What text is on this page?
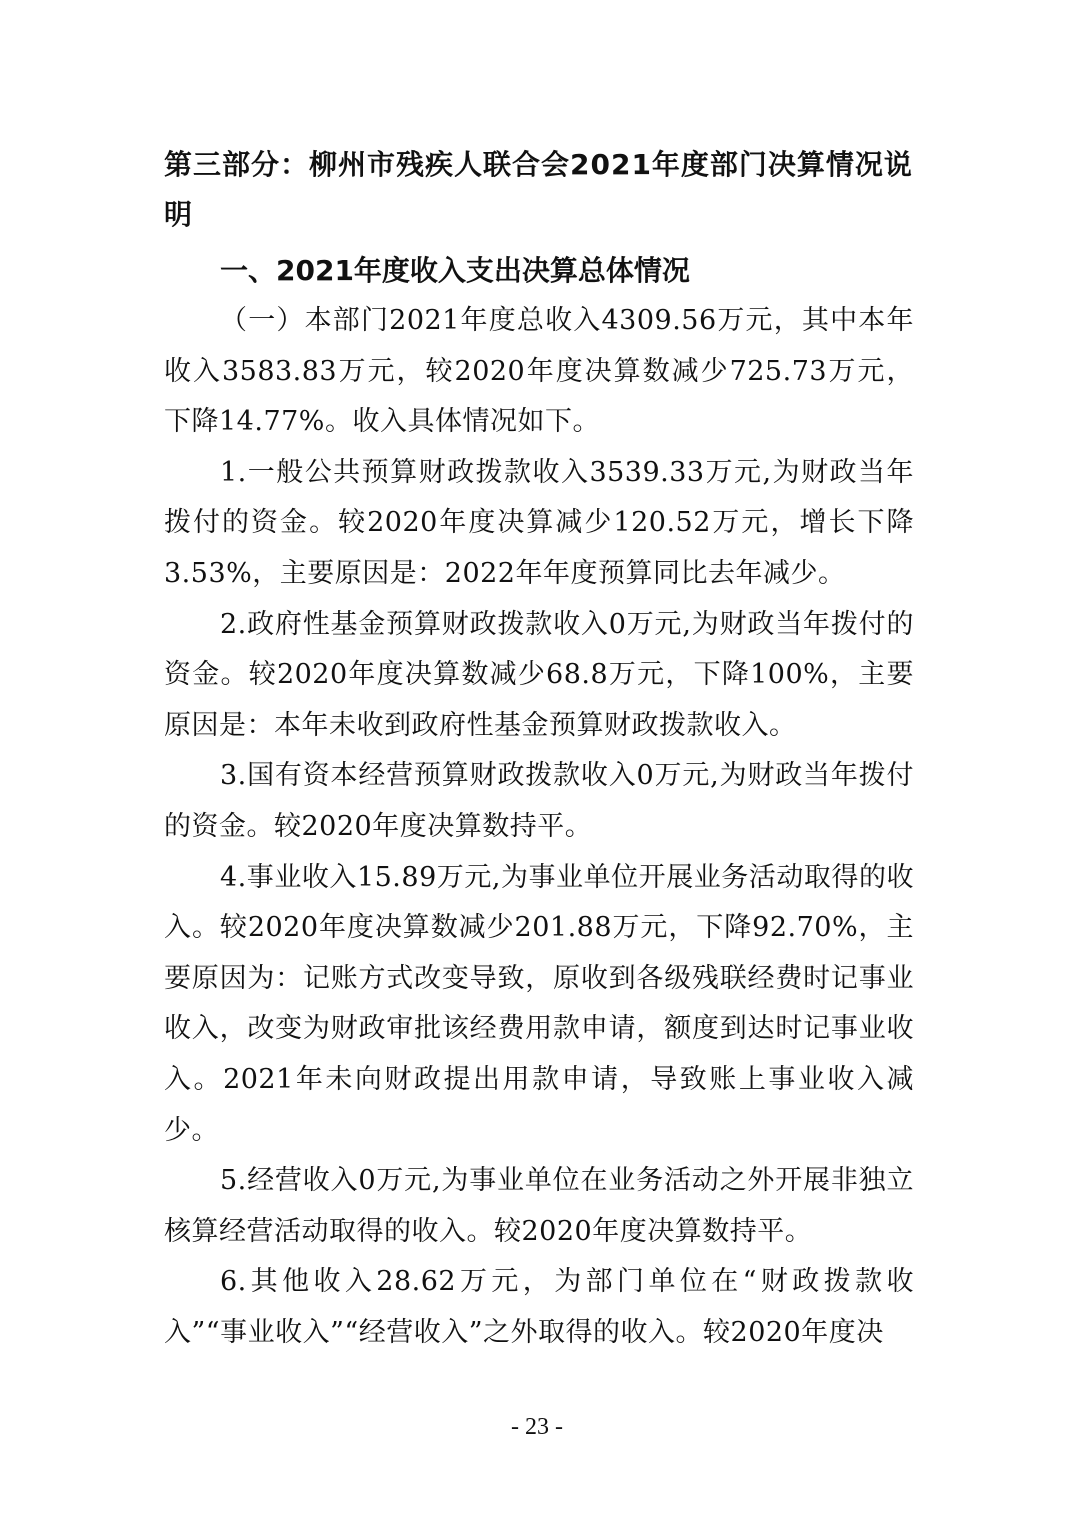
第三部分：柳州市残疾人联合会2021年度部门决算情况说明
一、2021年度收入支出决算总体情况

（一）本部门2021年度总收入4309.56万元，其中本年收入3583.83万元，较2020年度决算数减少725.73万元，下降14.77%。收入具体情况如下。

1.一般公共预算财政拨款收入3539.33万元,为财政当年拨付的资金。较2020年度决算减少120.52万元，增长下降3.53%，主要原因是：2022年年度预算同比去年减少。

2.政府性基金预算财政拨款收入0万元,为财政当年拨付的资金。较2020年度决算数减少68.8万元，下降100%，主要原因是：本年未收到政府性基金预算财政拨款收入。

3.国有资本经营预算财政拨款收入0万元,为财政当年拨付的资金。较2020年度决算数持平。

4.事业收入15.89万元,为事业单位开展业务活动取得的收入。较2020年度决算数减少201.88万元，下降92.70%，主要原因为：记账方式改变导致，原收到各级残联经费时记事业收入，改变为财政审批该经费用款申请，额度到达时记事业收入。2021年未向财政提出用款申请，导致账上事业收入减少。

5.经营收入0万元,为事业单位在业务活动之外开展非独立核算经营活动取得的收入。较2020年度决算数持平。

6.其他收入28.62万元，为部门单位在“财政拨款收入”“事业收入”“经营收入”之外取得的收入。较2020年度决

- 23 -
